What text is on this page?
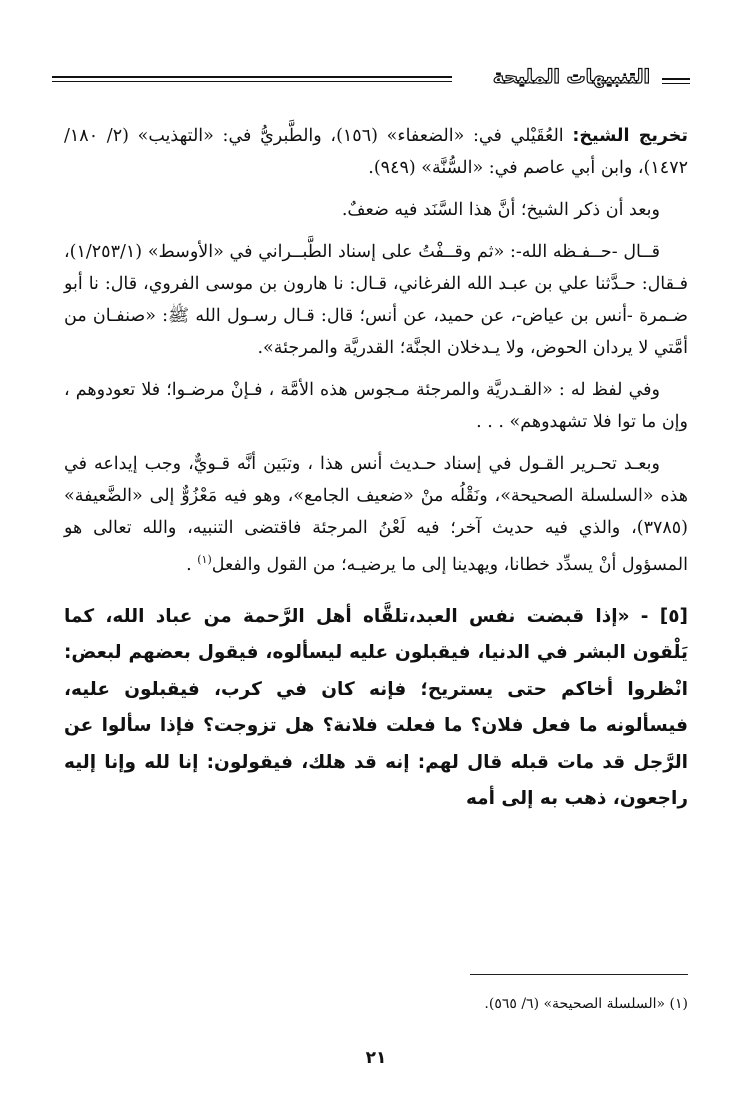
التنبيهات المليحة

تخريج الشيخ: العُقَيْلي في: «الضعفاء» (١٥٦)، والطَّبريُّ في: «التهذيب» (٢/ ١٨٠/ ١٤٧٢)، وابن أبي عاصم في: «السُّنَّة» (٩٤٩).

وبعد أن ذكر الشيخ؛ أنَّ هذا السَّنَد فيه ضعفٌ.

قــال -حــفـظه الله-: «ثم وقــفْتُ على إسناد الطَّبــراني في «الأوسط» (١/٢٥٣/١)، فـقال: حـدَّثنا علي بن عبـد الله الفرغاني، قـال: نا هارون بن موسى الفروي، قال: نا أبو ضـمرة -أنس بن عياض-، عن حميد، عن أنس؛ قال: قـال رسـول الله ﷺ: «صنفـان من أمَّتي لا يردان الحوض، ولا يـدخلان الجنَّة؛ القدريَّة والمرجئة».

وفي لفظ له : «القـدريَّة والمرجئة مـجوس هذه الأمَّة ، فـإنْ مرضـوا؛ فلا تعودوهم ، وإن ما توا فلا تشهدوهم» . . .

وبعـد تحـرير القـول في إسناد حـديث أنس هذا ، وتبَين أنَّه قـويٌّ، وجب إيداعه في هذه «السلسلة الصحيحة»، ونَقْلُه منْ «ضعيف الجامع»، وهو فيه مَعْزُوٌّ إلى «الضَّعيفة» (٣٧٨٥)، والذي فيه حديث آخر؛ فيه لَعْنُ المرجئة فاقتضى التنبيه، والله تعالى هو المسؤول أنْ يسدِّد خطانا، ويهدينا إلى ما يرضيـه؛ من القول والفعل$^{(١)}$ .

[٥] - «إذا قبضت نفس العبد،تلقَّاه أهل الرَّحمة من عباد الله، كما يَلْقون البشر في الدنيا، فيقبلون عليه ليسألوه، فيقول بعضهم لبعض: انْظروا أخاكم حتى يستريح؛ فإنه كان في كرب، فيقبلون عليه، فيسألونه ما فعل فلان؟ ما فعلت فلانة؟ هل تزوجت؟ فإذا سألوا عن الرَّجل قد مات قبله قال لهم: إنه قد هلك، فيقولون: إنا لله وإنا إليه راجعون، ذهب به إلى أمه

(١) «السلسلة الصحيحة» (٦/ ٥٦٥).
٢١
